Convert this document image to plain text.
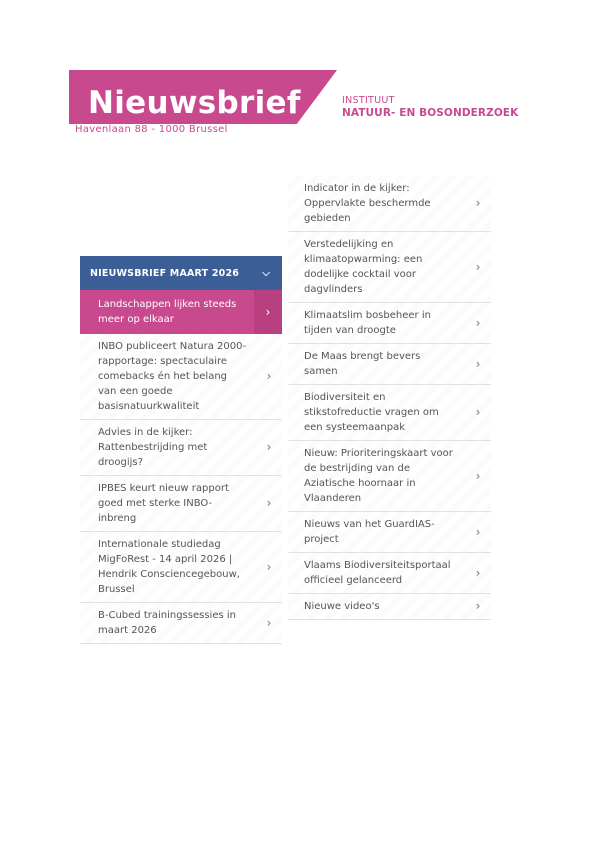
Nieuwsbrief
Havenlaan 88 - 1000 Brussel
INSTITUUT
NATUUR- EN BOSONDERZOEK
NIEUWSBRIEF MAART 2026 ⌵
Landschappen lijken steeds meer op elkaar
›
INBO publiceert Natura 2000-rapportage: spectaculaire comebacks én het belang van een goede basisnatuurkwaliteit
›
Advies in de kijker: Rattenbestrijding met droogijs?
›
IPBES keurt nieuw rapport goed met sterke INBO-inbreng
›
Internationale studiedag MigFoRest - 14 april 2026 | Hendrik Consciencegebouw, Brussel
›
B-Cubed trainingssessies in maart 2026
›
Indicator in de kijker: Oppervlakte beschermde gebieden
›
Verstedelijking en klimaatopwarming: een dodelijke cocktail voor dagvlinders
›
Klimaatslim bosbeheer in tijden van droogte
›
De Maas brengt bevers samen
›
Biodiversiteit en stikstofreductie vragen om een systeemaanpak
›
Nieuw: Prioriteringskaart voor de bestrijding van de Aziatische hoornaar in Vlaanderen
›
Nieuws van het GuardIAS-project
›
Vlaams Biodiversiteitsportaal officieel gelanceerd
›
Nieuwe video's	›
